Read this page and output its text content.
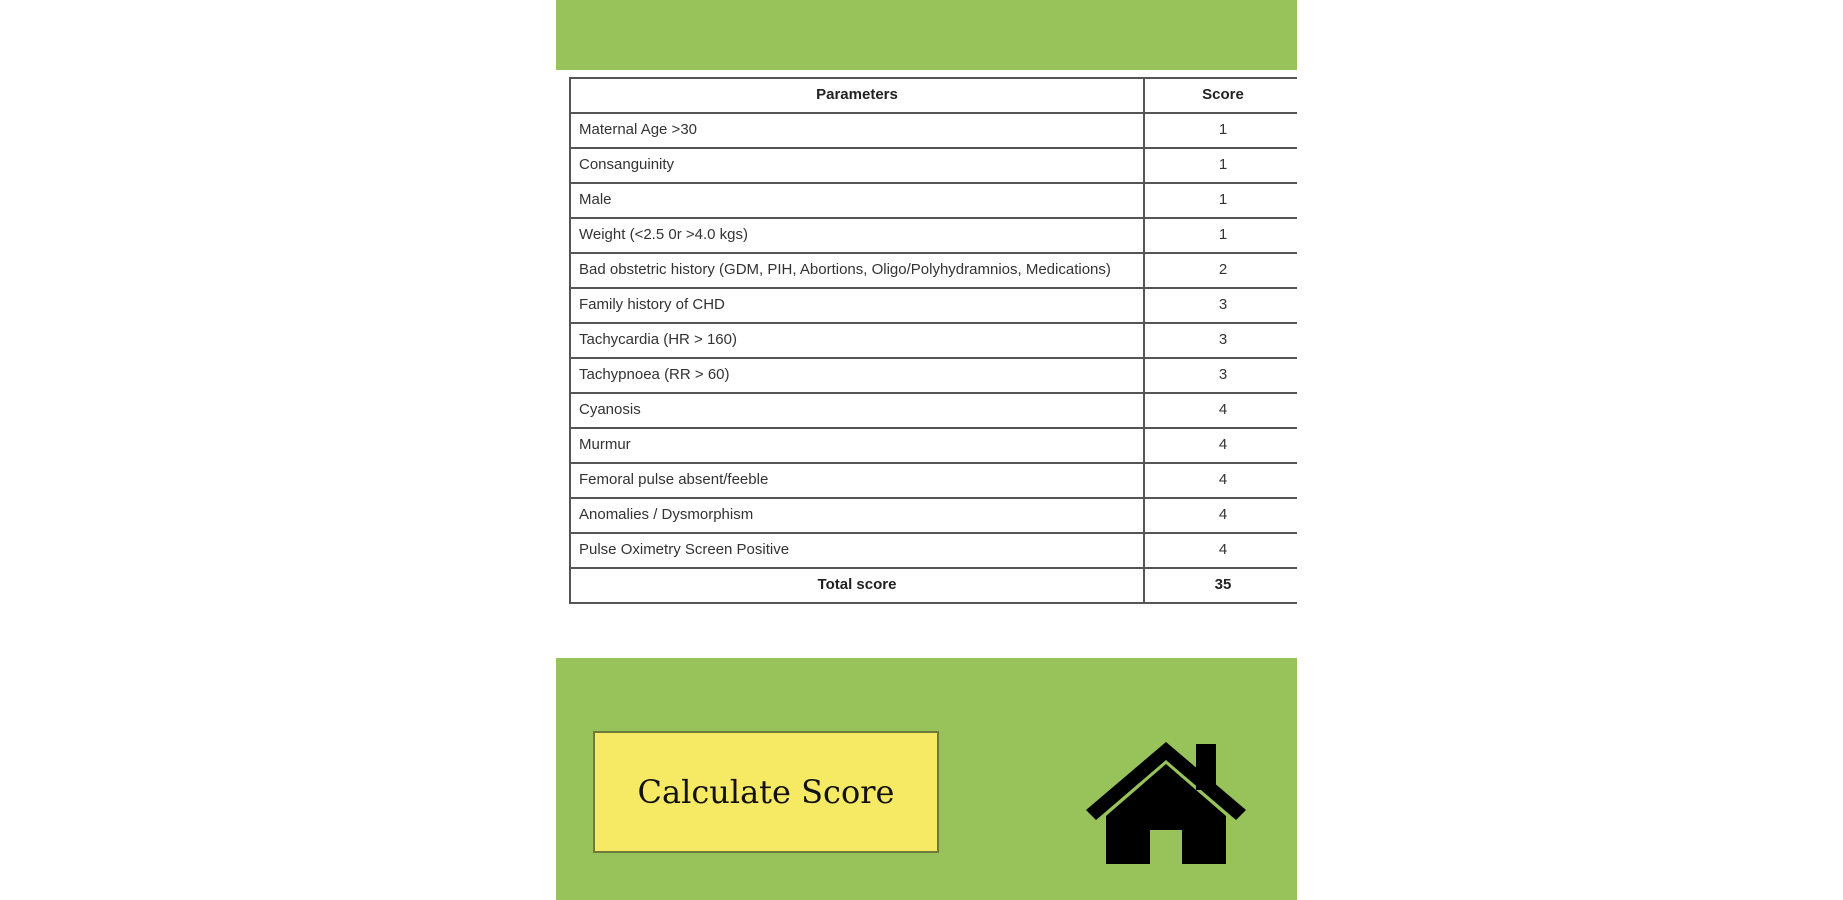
Parameters	Score
Maternal Age >30	1
Consanguinity	1
Male	1
Weight (<2.5 0r >4.0 kgs)	1
Bad obstetric history (GDM, PIH, Abortions, Oligo/Polyhydramnios, Medications)	2
Family history of CHD	3
Tachycardia (HR > 160)	3
Tachypnoea (RR > 60)	3
Cyanosis	4
Murmur	4
Femoral pulse absent/feeble	4
Anomalies / Dysmorphism	4
Pulse Oximetry Screen Positive	4
Total score	35
Calculate Score
